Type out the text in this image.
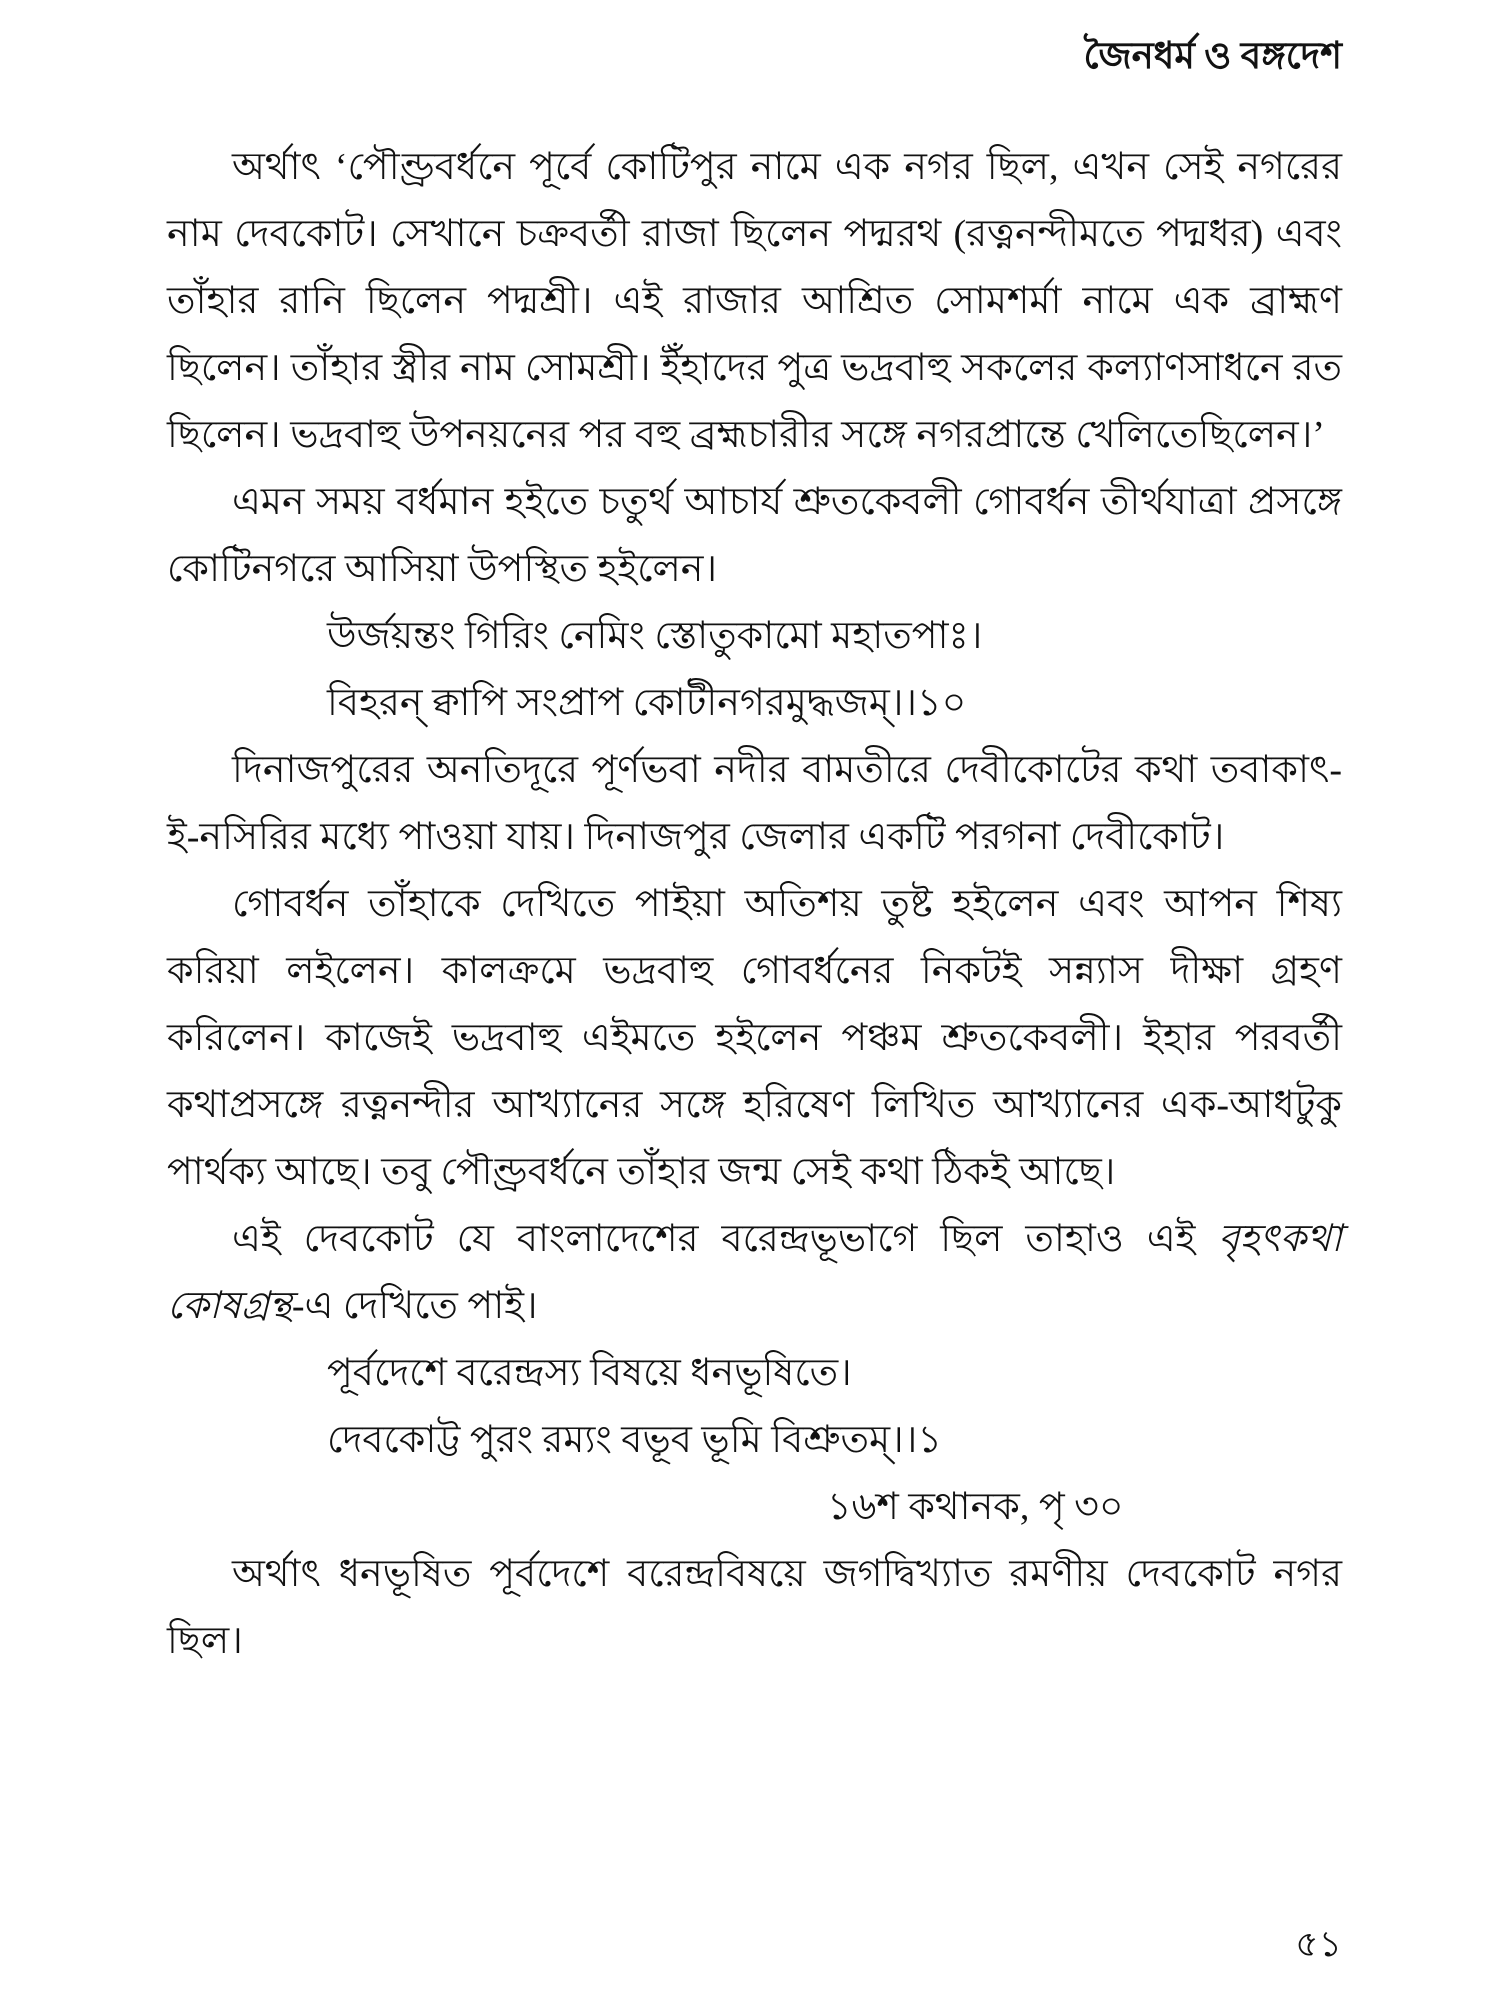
জৈনধর্ম ও বঙ্গদেশ

অর্থাৎ ‘পৌণ্ড্রবর্ধনে পূর্বে কোটিপুর নামে এক নগর ছিল, এখন সেই নগরের নাম দেবকোট। সেখানে চক্রবর্তী রাজা ছিলেন পদ্মরথ (রত্ননন্দীমতে পদ্মধর) এবং তাঁহার রানি ছিলেন পদ্মশ্রী। এই রাজার আশ্রিত সোমশর্মা নামে এক ব্রাহ্মণ ছিলেন। তাঁহার স্ত্রীর নাম সোমশ্রী। ইঁহাদের পুত্র ভদ্রবাহু সকলের কল্যাণসাধনে রত ছিলেন। ভদ্রবাহু উপনয়নের পর বহু ব্রহ্মচারীর সঙ্গে নগরপ্রান্তে খেলিতেছিলেন।’

এমন সময় বর্ধমান হইতে চতুর্থ আচার্য শ্রুতকেবলী গোবর্ধন তীর্থযাত্রা প্রসঙ্গে কোটিনগরে আসিয়া উপস্থিত হইলেন।

উর্জয়ন্তং গিরিং নেমিং স্তোতুকামো মহাতপাঃ।

বিহরন্ ক্বাপি সংপ্রাপ কোটীনগরমুদ্ধজম্।।১০

দিনাজপুরের অনতিদূরে পূর্ণভবা নদীর বামতীরে দেবীকোটের কথা তবাকাৎ-ই-নসিরির মধ্যে পাওয়া যায়। দিনাজপুর জেলার একটি পরগনা দেবীকোট।

গোবর্ধন তাঁহাকে দেখিতে পাইয়া অতিশয় তুষ্ট হইলেন এবং আপন শিষ্য করিয়া লইলেন। কালক্রমে ভদ্রবাহু গোবর্ধনের নিকটই সন্ন্যাস দীক্ষা গ্রহণ করিলেন। কাজেই ভদ্রবাহু এইমতে হইলেন পঞ্চম শ্রুতকেবলী। ইহার পরবর্তী কথাপ্রসঙ্গে রত্ননন্দীর আখ্যানের সঙ্গে হরিষেণ লিখিত আখ্যানের এক-আধটুকু পার্থক্য আছে। তবু পৌণ্ড্রবর্ধনে তাঁহার জন্ম সেই কথা ঠিকই আছে।

এই দেবকোট যে বাংলাদেশের বরেন্দ্রভূভাগে ছিল তাহাও এই বৃহৎকথা কোষগ্রন্থ-এ দেখিতে পাই।

পূর্বদেশে বরেন্দ্রস্য বিষয়ে ধনভূষিতে।

দেবকোট্ট পুরং রম্যং বভূব ভূমি বিশ্রুতম্।।১

১৬শ কথানক, পৃ ৩০

অর্থাৎ ধনভূষিত পূর্বদেশে বরেন্দ্রবিষয়ে জগদ্বিখ্যাত রমণীয় দেবকোট নগর ছিল।

৫১
